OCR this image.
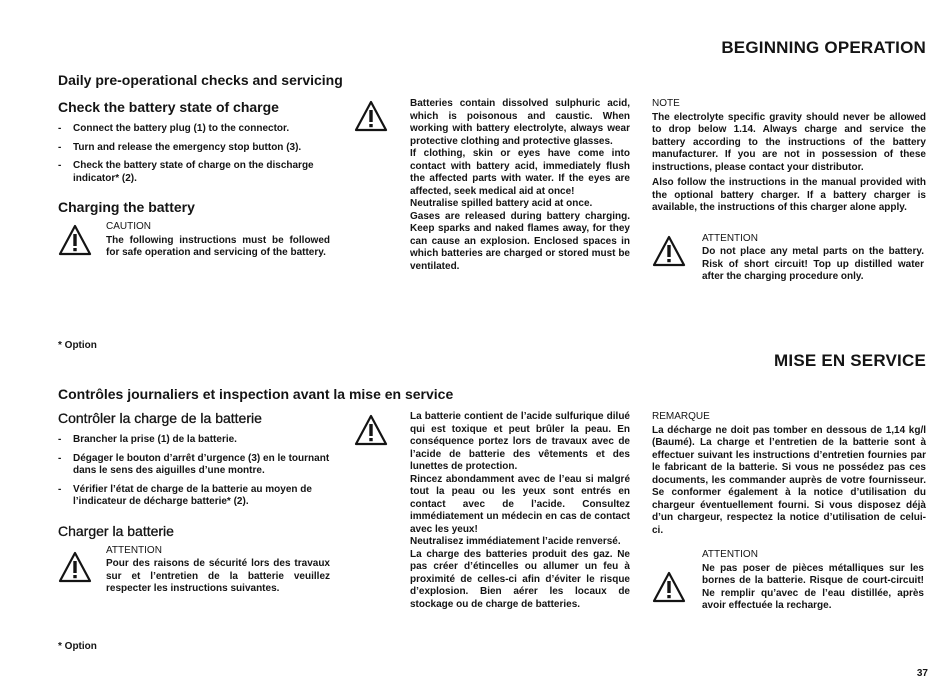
BEGINNING OPERATION
Daily pre-operational checks and servicing
Check the battery state of charge
- Connect the battery plug (1) to the connector.
- Turn and release the emergency stop button (3).
- Check the battery state of charge on the discharge indicator* (2).
Charging the battery
CAUTION
The following instructions must be followed for safe operation and servicing of the battery.
* Option
Batteries contain dissolved sulphuric acid, which is poisonous and caustic. When working with battery electrolyte, always wear protective clothing and protective glasses.
If clothing, skin or eyes have come into contact with battery acid, immediately flush the affected parts with water. If the eyes are affected, seek medical aid at once!
Neutralise spilled battery acid at once.
Gases are released during battery charging. Keep sparks and naked flames away, for they can cause an explosion. Enclosed spaces in which batteries are charged or stored must be ventilated.
NOTE
The electrolyte specific gravity should never be allowed to drop below 1.14. Always charge and service the battery according to the instructions of the battery manufacturer. If you are not in possession of these instructions, please contact your distributor.
Also follow the instructions in the manual provided with the optional battery charger. If a battery charger is available, the instructions of this charger alone apply.
ATTENTION
Do not place any metal parts on the battery. Risk of short circuit! Top up distilled water after the charging procedure only.
MISE EN SERVICE
Contrôles journaliers et inspection avant la mise en service
Contrôler la charge de la batterie
- Brancher la prise (1) de la batterie.
- Dégager le bouton d’arrêt d’urgence (3) en le tournant dans le sens des aiguilles d’une montre.
- Vérifier l’état de charge de la batterie au moyen de l’indicateur de décharge batterie* (2).
Charger la batterie
ATTENTION
Pour des raisons de sécurité lors des travaux sur et l’entretien de la batterie veuillez respecter les instructions suivantes.
* Option
La batterie contient de l’acide sulfurique dilué qui est toxique et peut brûler la peau. En conséquence portez lors de travaux avec de l’acide de batterie des vêtements et des lunettes de protection.
Rincez abondamment avec de l’eau si malgré tout la peau ou les yeux sont entrés en contact avec de l’acide. Consultez immédiatement un médecin en cas de contact avec les yeux!
Neutralisez immédiatement l’acide renversé.
La charge des batteries produit des gaz. Ne pas créer d’étincelles ou allumer un feu à proximité de celles-ci afin d’éviter le risque d’explosion. Bien aérer les locaux de stockage ou de charge de batteries.
REMARQUE
La décharge ne doit pas tomber en dessous de 1,14 kg/l (Baumé). La charge et l’entretien de la batterie sont à effectuer suivant les instructions d’entretien fournies par le fabricant de la batterie. Si vous ne possédez pas ces documents, les commander auprès de votre fournisseur. Se conformer également à la notice d’utilisation du chargeur éventuellement fourni. Si vous disposez déjà d’un chargeur, respectez la notice d’utilisation de celui-ci.
ATTENTION
Ne pas poser de pièces métalliques sur les bornes de la batterie. Risque de court-circuit! Ne remplir qu’avec de l’eau distillée, après avoir effectuée la recharge.
37
